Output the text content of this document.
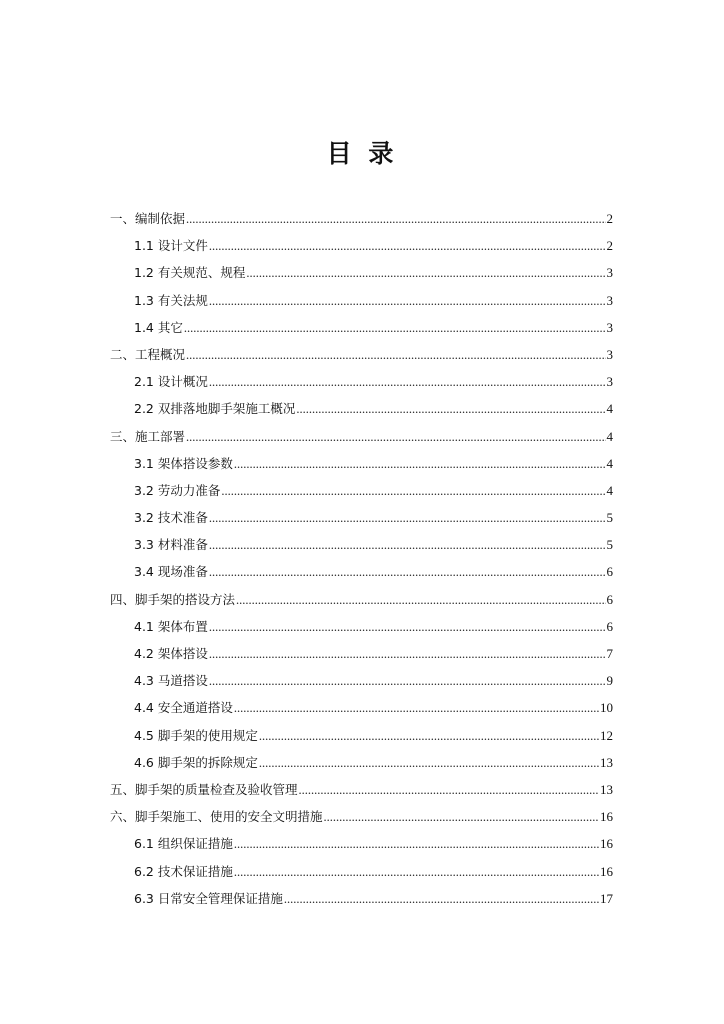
目 录
一、编制依据 .....	2
1.1 设计文件 .....	2
1.2 有关规范、规程 .....	3
1.3 有关法规 .....	3
1.4 其它 .....	3
二、工程概况 .....	3
2.1 设计概况 .....	3
2.2 双排落地脚手架施工概况 .....	4
三、施工部署 .....	4
3.1 架体搭设参数 .....	4
3.2 劳动力准备 .....	4
3.2 技术准备 .....	5
3.3 材料准备 .....	5
3.4 现场准备 .....	6
四、脚手架的搭设方法 .....	6
4.1 架体布置 .....	6
4.2 架体搭设 .....	7
4.3 马道搭设 .....	9
4.4 安全通道搭设 .....	10
4.5 脚手架的使用规定 .....	12
4.6 脚手架的拆除规定 .....	13
五、脚手架的质量检查及验收管理 .....	13
六、脚手架施工、使用的安全文明措施 .....	16
6.1 组织保证措施 .....	16
6.2 技术保证措施 .....	16
6.3 日常安全管理保证措施 .....	17
